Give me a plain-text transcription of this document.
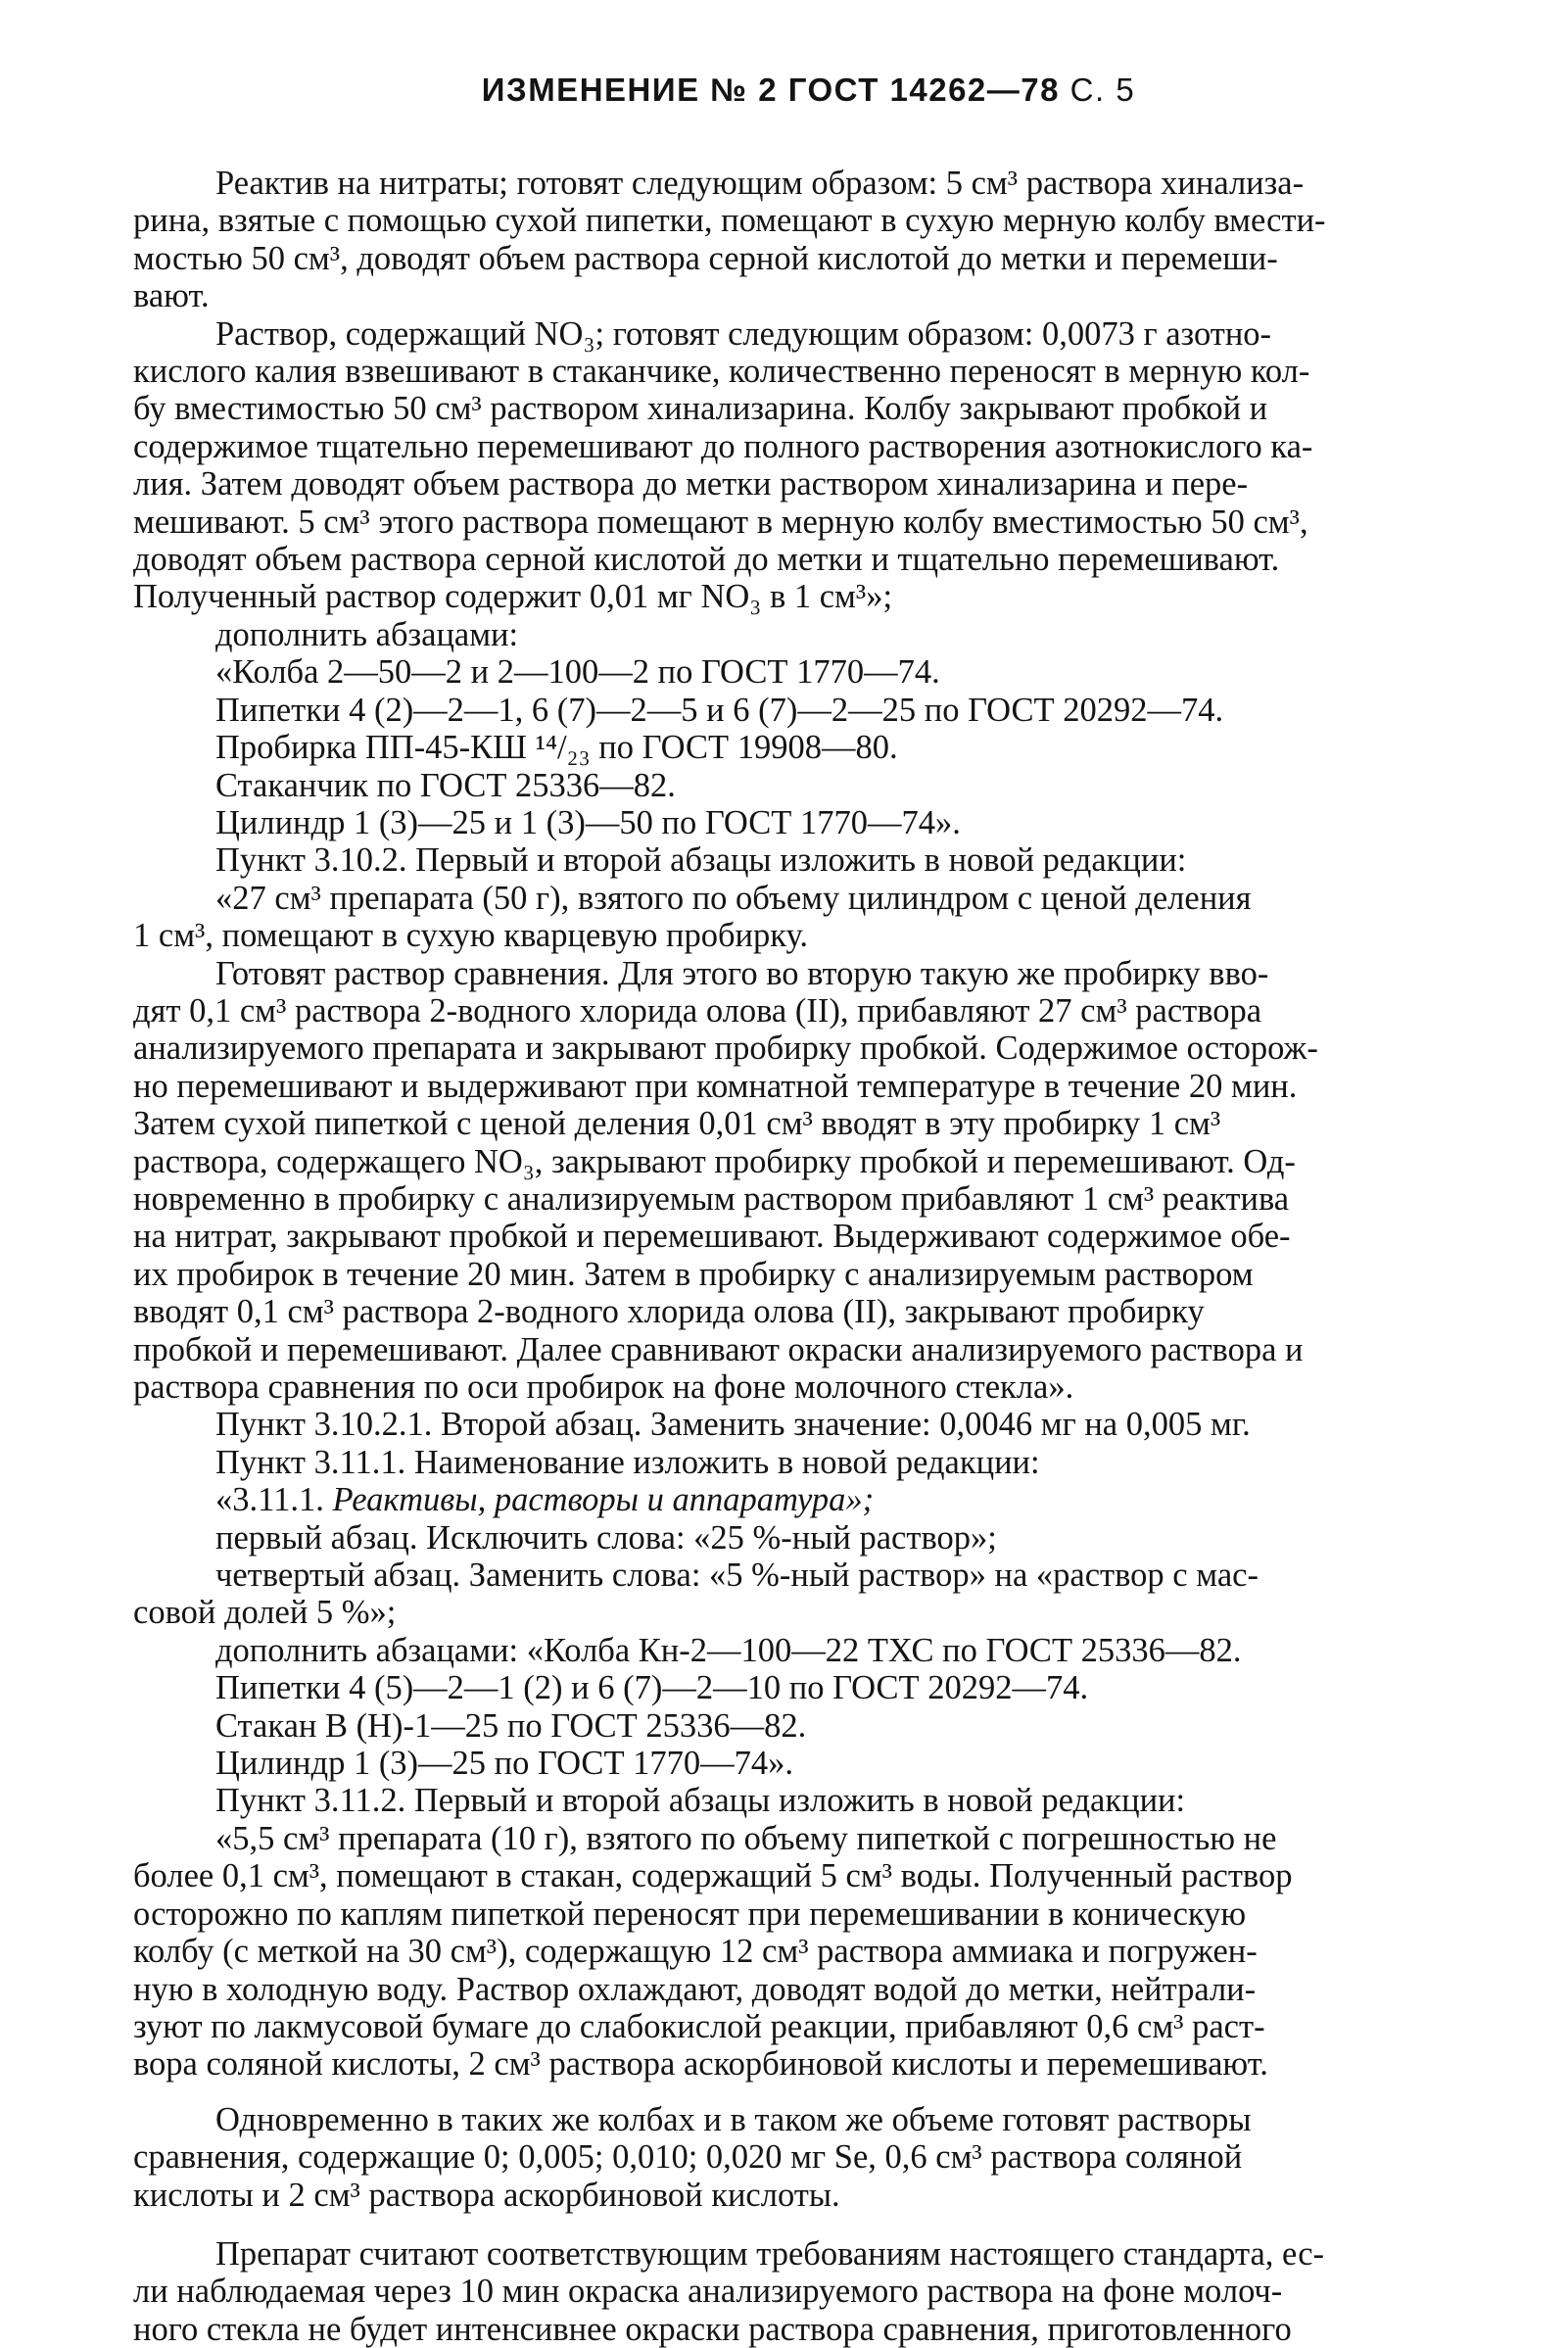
ИЗМЕНЕНИЕ № 2 ГОСТ 14262—78 С. 5

Реактив на нитраты; готовят следующим образом: 5 см³ раствора хинализа-
рина, взятые с помощью сухой пипетки, помещают в сухую мерную колбу вмести-
мостью 50 см³, доводят объем раствора серной кислотой до метки и перемеши-
вают.

Раствор, содержащий NO₃; готовят следующим образом: 0,0073 г азотно-
кислого калия взвешивают в стаканчике, количественно переносят в мерную кол-
бу вместимостью 50 см³ раствором хинализарина. Колбу закрывают пробкой и
содержимое тщательно перемешивают до полного растворения азотнокислого ка-
лия. Затем доводят объем раствора до метки раствором хинализарина и пере-
мешивают. 5 см³ этого раствора помещают в мерную колбу вместимостью 50 см³,
доводят объем раствора серной кислотой до метки и тщательно перемешивают.
Полученный раствор содержит 0,01 мг NO₃ в 1 см³»;

дополнить абзацами:

«Колба 2—50—2 и 2—100—2 по ГОСТ 1770—74.

Пипетки 4 (2)—2—1, 6 (7)—2—5 и 6 (7)—2—25 по ГОСТ 20292—74.

Пробирка ПП-45-КШ ¹⁴/₂₃ по ГОСТ 19908—80.

Стаканчик по ГОСТ 25336—82.

Цилиндр 1 (3)—25 и 1 (3)—50 по ГОСТ 1770—74».

Пункт 3.10.2. Первый и второй абзацы изложить в новой редакции:

«27 см³ препарата (50 г), взятого по объему цилиндром с ценой деления
1 см³, помещают в сухую кварцевую пробирку.

Готовят раствор сравнения. Для этого во вторую такую же пробирку вво-
дят 0,1 см³ раствора 2-водного хлорида олова (II), прибавляют 27 см³ раствора
анализируемого препарата и закрывают пробирку пробкой. Содержимое осторож-
но перемешивают и выдерживают при комнатной температуре в течение 20 мин.
Затем сухой пипеткой с ценой деления 0,01 см³ вводят в эту пробирку 1 см³
раствора, содержащего NO₃, закрывают пробирку пробкой и перемешивают. Од-
новременно в пробирку с анализируемым раствором прибавляют 1 см³ реактива
на нитрат, закрывают пробкой и перемешивают. Выдерживают содержимое обе-
их пробирок в течение 20 мин. Затем в пробирку с анализируемым раствором
вводят 0,1 см³ раствора 2-водного хлорида олова (II), закрывают пробирку
пробкой и перемешивают. Далее сравнивают окраски анализируемого раствора и
раствора сравнения по оси пробирок на фоне молочного стекла».

Пункт 3.10.2.1. Второй абзац. Заменить значение: 0,0046 мг на 0,005 мг.

Пункт 3.11.1. Наименование изложить в новой редакции:

«3.11.1. Реактивы, растворы и аппаратура»;

первый абзац. Исключить слова: «25 %-ный раствор»;

четвертый абзац. Заменить слова: «5 %-ный раствор» на «раствор с мас-
совой долей 5 %»;

дополнить абзацами: «Колба Кн-2—100—22 ТХС по ГОСТ 25336—82.

Пипетки 4 (5)—2—1 (2) и 6 (7)—2—10 по ГОСТ 20292—74.

Стакан В (Н)-1—25 по ГОСТ 25336—82.

Цилиндр 1 (3)—25 по ГОСТ 1770—74».

Пункт 3.11.2. Первый и второй абзацы изложить в новой редакции:

«5,5 см³ препарата (10 г), взятого по объему пипеткой с погрешностью не
более 0,1 см³, помещают в стакан, содержащий 5 см³ воды. Полученный раствор
осторожно по каплям пипеткой переносят при перемешивании в коническую
колбу (с меткой на 30 см³), содержащую 12 см³ раствора аммиака и погружен-
ную в холодную воду. Раствор охлаждают, доводят водой до метки, нейтрали-
зуют по лакмусовой бумаге до слабокислой реакции, прибавляют 0,6 см³ раст-
вора соляной кислоты, 2 см³ раствора аскорбиновой кислоты и перемешивают.

Одновременно в таких же колбах и в таком же объеме готовят растворы
сравнения, содержащие 0; 0,005; 0,010; 0,020 мг Se, 0,6 см³ раствора соляной
кислоты и 2 см³ раствора аскорбиновой кислоты.

Препарат считают соответствующим требованиям настоящего стандарта, ес-
ли наблюдаемая через 10 мин окраска анализируемого раствора на фоне молоч-
ного стекла не будет интенсивнее окраски раствора сравнения, приготовленного
